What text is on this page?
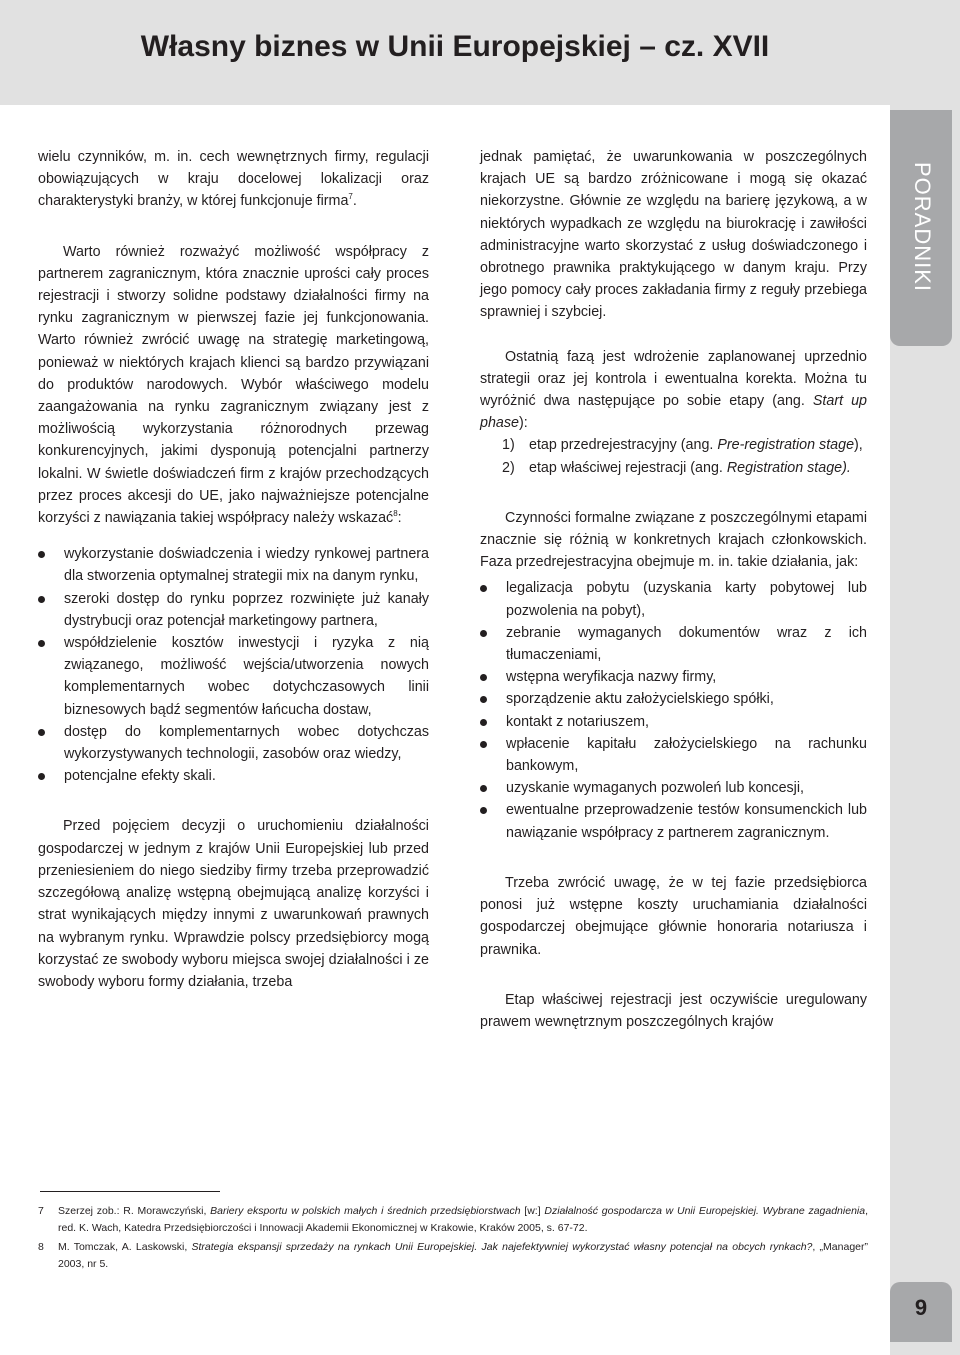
Własny biznes w Unii Europejskiej – cz. XVII
PORADNIKI

wielu czynników, m. in. cech wewnętrznych firmy, regulacji obowiązujących w kraju docelowej lokalizacji oraz charakterystyki branży, w której funkcjonuje firma$^7$.

Warto również rozważyć możliwość współpracy z partnerem zagranicznym, która znacznie uprości cały proces rejestracji i stworzy solidne podstawy działalności firmy na rynku zagranicznym w pierwszej fazie jej funkcjonowania. Warto również zwrócić uwagę na strategię marketingową, ponieważ w niektórych krajach klienci są bardzo przywiązani do produktów narodowych. Wybór właściwego modelu zaangażowania na rynku zagranicznym związany jest z możliwością wykorzystania różnorodnych przewag konkurencyjnych, jakimi dysponują potencjalni partnerzy lokalni. W świetle doświadczeń firm z krajów przechodzących przez proces akcesji do UE, jako najważniejsze potencjalne korzyści z nawiązania takiej współpracy należy wskazać$^8$:

wykorzystanie doświadczenia i wiedzy rynkowej partnera dla stworzenia optymalnej strategii mix na danym rynku,
szeroki dostęp do rynku poprzez rozwinięte już kanały dystrybucji oraz potencjał marketingowy partnera,
współdzielenie kosztów inwestycji i ryzyka z nią związanego, możliwość wejścia/utworzenia nowych komplementarnych wobec dotychczasowych linii biznesowych bądź segmentów łańcucha dostaw,
dostęp do komplementarnych wobec dotychczas wykorzystywanych technologii, zasobów oraz wiedzy,
potencjalne efekty skali.

Przed pojęciem decyzji o uruchomieniu działalności gospodarczej w jednym z krajów Unii Europejskiej lub przed przeniesieniem do niego siedziby firmy trzeba przeprowadzić szczegółową analizę wstępną obejmującą analizę korzyści i strat wynikających między innymi z uwarunkowań prawnych na wybranym rynku. Wprawdzie polscy przedsiębiorcy mogą korzystać ze swobody wyboru miejsca swojej działalności i ze swobody wyboru formy działania, trzeba

jednak pamiętać, że uwarunkowania w poszczególnych krajach UE są bardzo zróżnicowane i mogą się okazać niekorzystne. Głównie ze względu na barierę językową, a w niektórych wypadkach ze względu na biurokrację i zawiłości administracyjne warto skorzystać z usług doświadczonego i obrotnego prawnika praktykującego w danym kraju. Przy jego pomocy cały proces zakładania firmy z reguły przebiega sprawniej i szybciej.

Ostatnią fazą jest wdrożenie zaplanowanej uprzednio strategii oraz jej kontrola i ewentualna korekta. Można tu wyróżnić dwa następujące po sobie etapy (ang. Start up phase):

1) etap przedrejestracyjny (ang. Pre-registration stage),
2) etap właściwej rejestracji (ang. Registration stage).

Czynności formalne związane z poszczególnymi etapami znacznie się różnią w konkretnych krajach członkowskich. Faza przedrejestracyjna obejmuje m. in. takie działania, jak:

legalizacja pobytu (uzyskania karty pobytowej lub pozwolenia na pobyt),
zebranie wymaganych dokumentów wraz z ich tłumaczeniami,
wstępna weryfikacja nazwy firmy,
sporządzenie aktu założycielskiego spółki,
kontakt z notariuszem,
wpłacenie kapitału założycielskiego na rachunku bankowym,
uzyskanie wymaganych pozwoleń lub koncesji,
ewentualne przeprowadzenie testów konsumenckich lub nawiązanie współpracy z partnerem zagranicznym.

Trzeba zwrócić uwagę, że w tej fazie przedsiębiorca ponosi już wstępne koszty uruchamiania działalności gospodarczej obejmujące głównie honoraria notariusza i prawnika.

Etap właściwej rejestracji jest oczywiście uregulowany prawem wewnętrznym poszczególnych krajów

7 Szerzej zob.: R. Morawczyński, Bariery eksportu w polskich małych i średnich przedsiębiorstwach [w:] Działalność gospodarcza w Unii Europejskiej. Wybrane zagadnienia, red. K. Wach, Katedra Przedsiębiorczości i Innowacji Akademii Ekonomicznej w Krakowie, Kraków 2005, s. 67-72.
8 M. Tomczak, A. Laskowski, Strategia ekspansji sprzedaży na rynkach Unii Europejskiej. Jak najefektywniej wykorzystać własny potencjał na obcych rynkach?, „Manager” 2003, nr 5.
msp.krakow.pl	9
